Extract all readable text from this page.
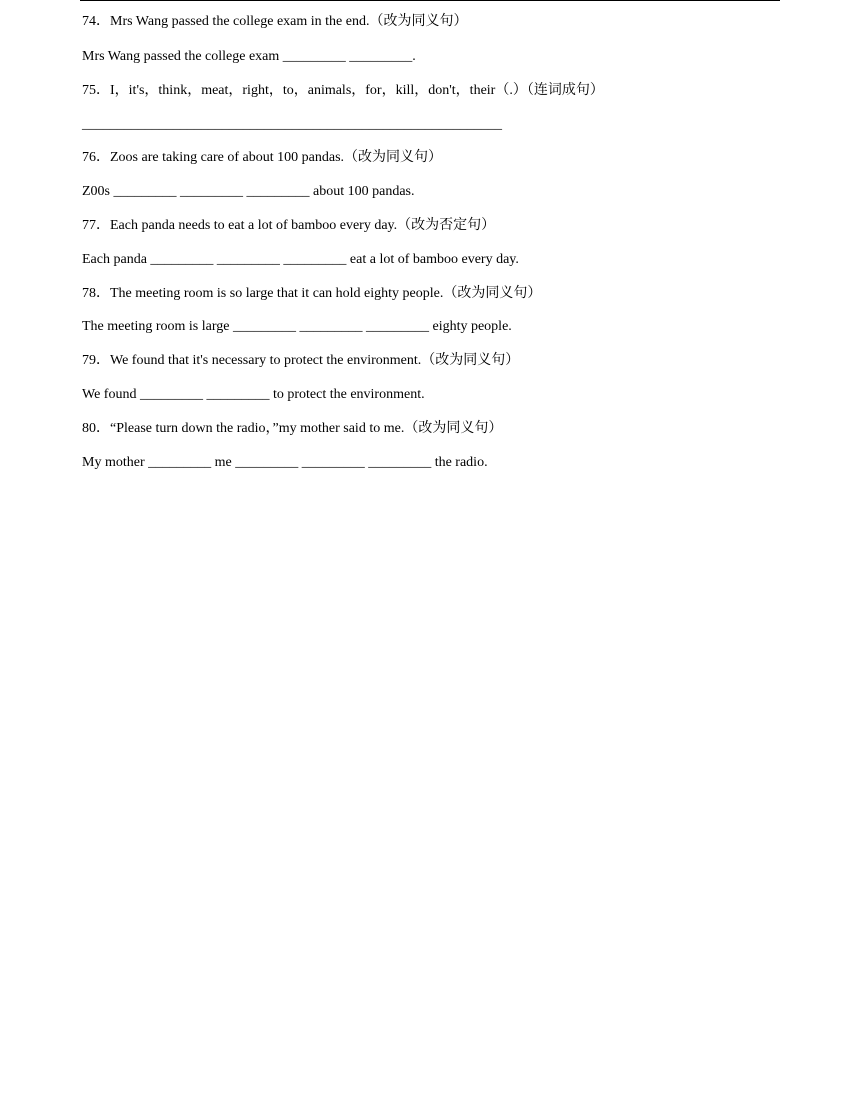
74．Mrs Wang passed the college exam in the end.（改为同义句）

Mrs Wang passed the college exam _________ _________.

75．I，it's，think，meat，right，to，animals，for，kill，don't，their（.）（连词成句）

____________________________________________________________

76．Zoos are taking care of about 100 pandas.（改为同义句）

Z00s _________ _________ _________ about 100 pandas.

77．Each panda needs to eat a lot of bamboo every day.（改为否定句）

Each panda _________ _________ _________ eat a lot of bamboo every day.

78．The meeting room is so large that it can hold eighty people.（改为同义句）

The meeting room is large _________ _________ _________ eighty people.

79．We found that it's necessary to protect the environment.（改为同义句）

We found _________ _________ to protect the environment.

80．“Please turn down the radio，”my mother said to me.（改为同义句）

My mother _________ me _________ _________ _________ the radio.
